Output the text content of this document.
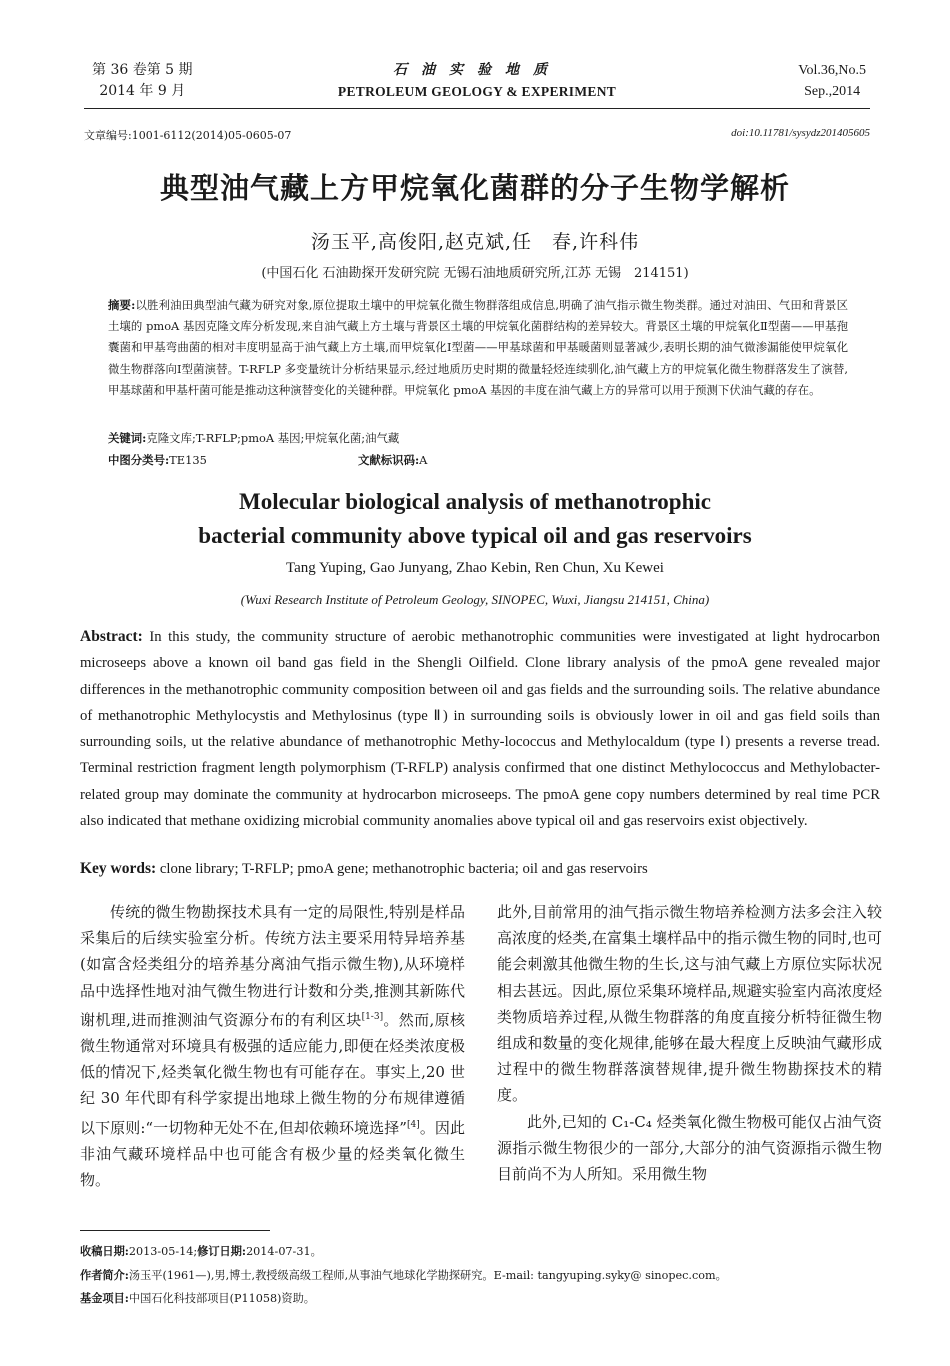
第 36 卷第 5 期
2014 年 9 月
石油实验地质
PETROLEUM GEOLOGY & EXPERIMENT
Vol.36,No.5
Sep.,2014
文章编号:1001-6112(2014)05-0605-07	doi:10.11781/sysydz201405605
典型油气藏上方甲烷氧化菌群的分子生物学解析
汤玉平,高俊阳,赵克斌,任　春,许科伟
(中国石化 石油勘探开发研究院 无锡石油地质研究所,江苏 无锡　214151)
摘要:以胜利油田典型油气藏为研究对象,原位提取土壤中的甲烷氧化微生物群落组成信息,明确了油气指示微生物类群。通过对油田、气田和背景区土壤的 pmoA 基因克隆文库分析发现,来自油气藏上方土壤与背景区土壤的甲烷氧化菌群结构的差异较大。背景区土壤的甲烷氧化Ⅱ型菌——甲基孢囊菌和甲基弯曲菌的相对丰度明显高于油气藏上方土壤,而甲烷氧化Ⅰ型菌——甲基球菌和甲基暖菌则显著减少,表明长期的油气微渗漏能使甲烷氧化微生物群落向Ⅰ型菌演替。T-RFLP 多变量统计分析结果显示,经过地质历史时期的微量轻烃连续驯化,油气藏上方的甲烷氧化微生物群落发生了演替,甲基球菌和甲基杆菌可能是推动这种演替变化的关键种群。甲烷氧化 pmoA 基因的丰度在油气藏上方的异常可以用于预测下伏油气藏的存在。
关键词:克隆文库;T-RFLP;pmoA 基因;甲烷氧化菌;油气藏
中图分类号:TE135	文献标识码:A
Molecular biological analysis of methanotrophic
bacterial community above typical oil and gas reservoirs
Tang Yuping, Gao Junyang, Zhao Kebin, Ren Chun, Xu Kewei
(Wuxi Research Institute of Petroleum Geology, SINOPEC, Wuxi, Jiangsu 214151, China)
Abstract: In this study, the community structure of aerobic methanotrophic communities were investigated at light hydrocarbon microseeps above a known oil band gas field in the Shengli Oilfield. Clone library analysis of the pmoA gene revealed major differences in the methanotrophic community composition between oil and gas fields and the surrounding soils. The relative abundance of methanotrophic Methylocystis and Methylosinus (type Ⅱ) in surrounding soils is obviously lower in oil and gas field soils than surrounding soils, ut the relative abundance of methanotrophic Methy-lococcus and Methylocaldum (type Ⅰ) presents a reverse tread. Terminal restriction fragment length polymorphism (T-RFLP) analysis confirmed that one distinct Methylococcus and Methylobacter-related group may dominate the community at hydrocarbon microseeps. The pmoA gene copy numbers determined by real time PCR also indicated that methane oxidizing microbial community anomalies above typical oil and gas reservoirs exist objectively.
Key words: clone library; T-RFLP; pmoA gene; methanotrophic bacteria; oil and gas reservoirs

传统的微生物勘探技术具有一定的局限性,特别是样品采集后的后续实验室分析。传统方法主要采用特异培养基(如富含烃类组分的培养基分离油气指示微生物),从环境样品中选择性地对油气微生物进行计数和分类,推测其新陈代谢机理,进而推测油气资源分布的有利区块[1-3]。然而,原核微生物通常对环境具有极强的适应能力,即便在烃类浓度极低的情况下,烃类氧化微生物也有可能存在。事实上,20 世纪 30 年代即有科学家提出地球上微生物的分布规律遵循以下原则:“一切物种无处不在,但却依赖环境选择”[4]。因此非油气藏环境样品中也可能含有极少量的烃类氧化微生物。

此外,目前常用的油气指示微生物培养检测方法多会注入较高浓度的烃类,在富集土壤样品中的指示微生物的同时,也可能会刺激其他微生物的生长,这与油气藏上方原位实际状况相去甚远。因此,原位采集环境样品,规避实验室内高浓度烃类物质培养过程,从微生物群落的角度直接分析特征微生物组成和数量的变化规律,能够在最大程度上反映油气藏形成过程中的微生物群落演替规律,提升微生物勘探技术的精度。

此外,已知的 C₁-C₄ 烃类氧化微生物极可能仅占油气资源指示微生物很少的一部分,大部分的油气资源指示微生物目前尚不为人所知。采用微生物

收稿日期:2013-05-14;修订日期:2014-07-31。
作者简介:汤玉平(1961—),男,博士,教授级高级工程师,从事油气地球化学勘探研究。E-mail: tangyuping.syky@ sinopec.com。
基金项目:中国石化科技部项目(P11058)资助。
